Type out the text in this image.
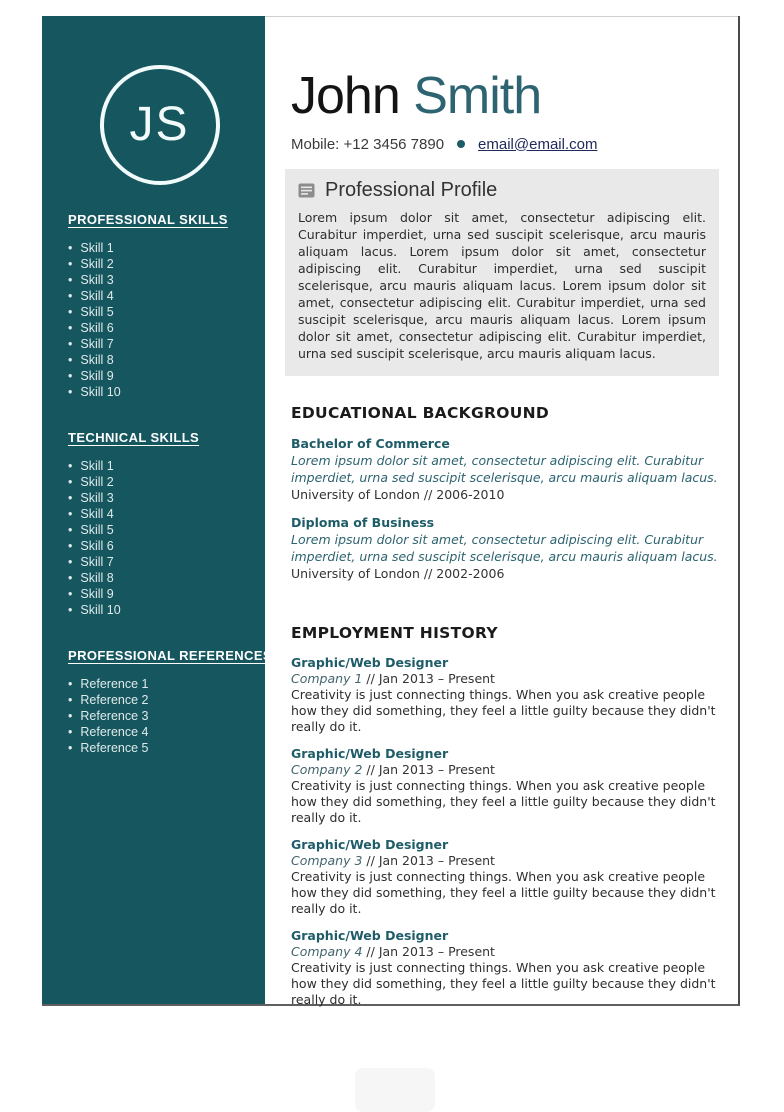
JS
PROFESSIONAL SKILLS
• Skill 1
• Skill 2
• Skill 3
• Skill 4
• Skill 5
• Skill 6
• Skill 7
• Skill 8
• Skill 9
• Skill 10
TECHNICAL SKILLS
• Skill 1
• Skill 2
• Skill 3
• Skill 4
• Skill 5
• Skill 6
• Skill 7
• Skill 8
• Skill 9
• Skill 10
PROFESSIONAL REFERENCES
• Reference 1
• Reference 2
• Reference 3
• Reference 4
• Reference 5
John Smith
Mobile: +12 3456 7890 email@email.com
Professional Profile

Lorem ipsum dolor sit amet, consectetur adipiscing elit. Curabitur imperdiet, urna sed suscipit scelerisque, arcu mauris aliquam lacus. Lorem ipsum dolor sit amet, consectetur adipiscing elit. Curabitur imperdiet, urna sed suscipit scelerisque, arcu mauris aliquam lacus. Lorem ipsum dolor sit amet, consectetur adipiscing elit. Curabitur imperdiet, urna sed suscipit scelerisque, arcu mauris aliquam lacus. Lorem ipsum dolor sit amet, consectetur adipiscing elit. Curabitur imperdiet, urna sed suscipit scelerisque, arcu mauris aliquam lacus.

EDUCATIONAL BACKGROUND
Bachelor of Commerce

Lorem ipsum dolor sit amet, consectetur adipiscing elit. Curabitur imperdiet, urna sed suscipit scelerisque, arcu mauris aliquam lacus.

University of London // 2006-2010
Diploma of Business

Lorem ipsum dolor sit amet, consectetur adipiscing elit. Curabitur imperdiet, urna sed suscipit scelerisque, arcu mauris aliquam lacus.

University of London // 2002-2006
EMPLOYMENT HISTORY
Graphic/Web Designer
Company 1 // Jan 2013 – Present

Creativity is just connecting things. When you ask creative people how they did something, they feel a little guilty because they didn't really do it.

Graphic/Web Designer
Company 2 // Jan 2013 – Present

Creativity is just connecting things. When you ask creative people how they did something, they feel a little guilty because they didn't really do it.

Graphic/Web Designer
Company 3 // Jan 2013 – Present

Creativity is just connecting things. When you ask creative people how they did something, they feel a little guilty because they didn't really do it.

Graphic/Web Designer
Company 4 // Jan 2013 – Present

Creativity is just connecting things. When you ask creative people how they did something, they feel a little guilty because they didn't really do it.
